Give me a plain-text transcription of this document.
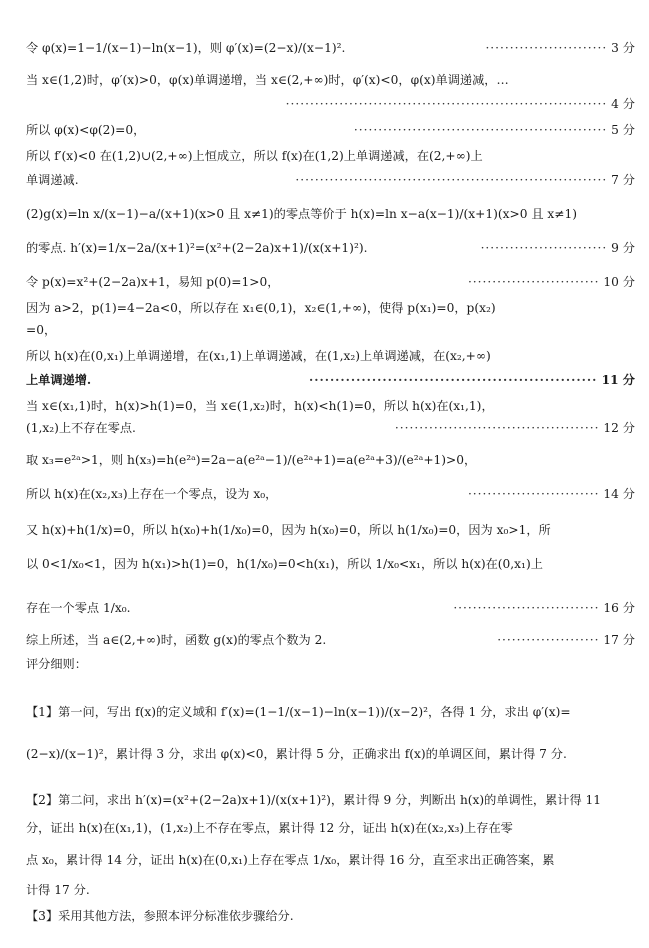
令 φ(x)=1−1/(x−1)−ln(x−1)，则 φ′(x)=(2−x)/(x−1)².	························· 3 分
当 x∈(1,2)时，φ′(x)>0，φ(x)单调递增，当 x∈(2,+∞)时，φ′(x)<0，φ(x)单调递减，…
·································································· 4 分
所以 φ(x)<φ(2)=0，	···················································· 5 分
所以 f′(x)<0 在(1,2)∪(2,+∞)上恒成立，所以 f(x)在(1,2)上单调递减，在(2,+∞)上
单调递减.	································································ 7 分
(2)g(x)=ln x/(x−1)−a/(x+1)(x>0 且 x≠1)的零点等价于 h(x)=ln x−a(x−1)/(x+1)(x>0 且 x≠1)
的零点. h′(x)=1/x−2a/(x+1)²=(x²+(2−2a)x+1)/(x(x+1)²).	·························· 9 分
令 p(x)=x²+(2−2a)x+1，易知 p(0)=1>0，	··························· 10 分
因为 a>2，p(1)=4−2a<0，所以存在 x₁∈(0,1)，x₂∈(1,+∞)，使得 p(x₁)=0，p(x₂)
=0，
所以 h(x)在(0,x₁)上单调递增，在(x₁,1)上单调递减，在(1,x₂)上单调递减，在(x₂,+∞)
上单调递增.	······················································· 11 分
当 x∈(x₁,1)时，h(x)>h(1)=0，当 x∈(1,x₂)时，h(x)<h(1)=0，所以 h(x)在(x₁,1)，
(1,x₂)上不存在零点.	·········································· 12 分
取 x₃=e²ᵃ>1，则 h(x₃)=h(e²ᵃ)=2a−a(e²ᵃ−1)/(e²ᵃ+1)=a(e²ᵃ+3)/(e²ᵃ+1)>0，
所以 h(x)在(x₂,x₃)上存在一个零点，设为 x₀，	··························· 14 分
又 h(x)+h(1/x)=0，所以 h(x₀)+h(1/x₀)=0，因为 h(x₀)=0，所以 h(1/x₀)=0，因为 x₀>1，所
以 0<1/x₀<1，因为 h(x₁)>h(1)=0，h(1/x₀)=0<h(x₁)，所以 1/x₀<x₁，所以 h(x)在(0,x₁)上
存在一个零点 1/x₀.	······························ 16 分
综上所述，当 a∈(2,+∞)时，函数 g(x)的零点个数为 2.	····················· 17 分
评分细则：
【1】第一问，写出 f(x)的定义域和 f′(x)=(1−1/(x−1)−ln(x−1))/(x−2)²，各得 1 分，求出 φ′(x)=
(2−x)/(x−1)²，累计得 3 分，求出 φ(x)<0，累计得 5 分，正确求出 f(x)的单调区间，累计得 7 分.
【2】第二问，求出 h′(x)=(x²+(2−2a)x+1)/(x(x+1)²)，累计得 9 分，判断出 h(x)的单调性，累计得 11
分，证出 h(x)在(x₁,1)，(1,x₂)上不存在零点，累计得 12 分，证出 h(x)在(x₂,x₃)上存在零
点 x₀，累计得 14 分，证出 h(x)在(0,x₁)上存在零点 1/x₀，累计得 16 分，直至求出正确答案，累
计得 17 分.
【3】采用其他方法，参照本评分标准依步骤给分.
